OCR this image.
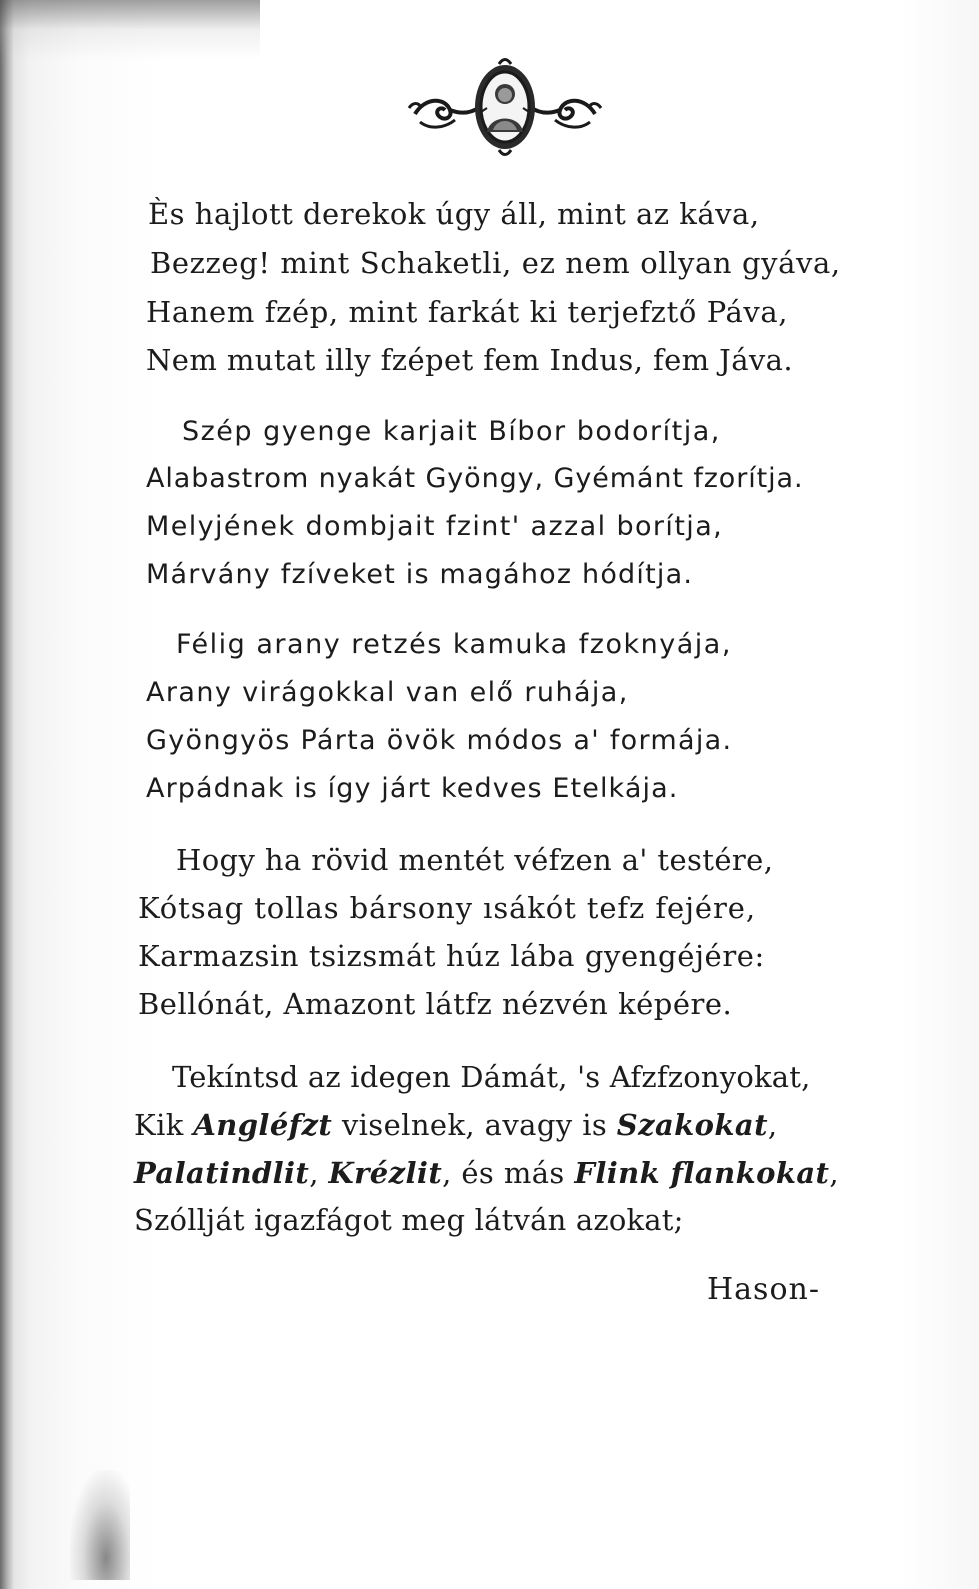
Ès hajlott derekok úgy áll, mint az káva,
Bezzeg! mint Schaketli, ez nem ollyan gyáva,
Hanem fzép, mint farkát ki terjefztő Páva,
Nem mutat illy fzépet fem Indus, fem Jáva.
Szép gyenge karjait Bíbor bodorítja,
Alabastrom nyakát Gyöngy, Gyémánt fzorítja.
Melyjének dombjait fzint' azzal borítja,
Márvány fzíveket is magához hódítja.
Félig arany retzés kamuka fzoknyája,
Arany virágokkal van elő ruhája,
Gyöngyös Párta övök módos a' formája.
Arpádnak is így járt kedves Etelkája.
Hogy ha rövid mentét véfzen a' testére,
Kótsag tollas bársony ısákót tefz fejére,
Karmazsin tsizsmát húz lába gyengéjére:
Bellónát, Amazont látfz nézvén képére.
Tekíntsd az idegen Dámát, 's Afzfzonyokat,
Kik Angléfzt viselnek, avagy is Szakokat,
Palatindlit, Krézlit, és más Flink flankokat,
Szóllját igazfágot meg látván azokat;
Hason-
